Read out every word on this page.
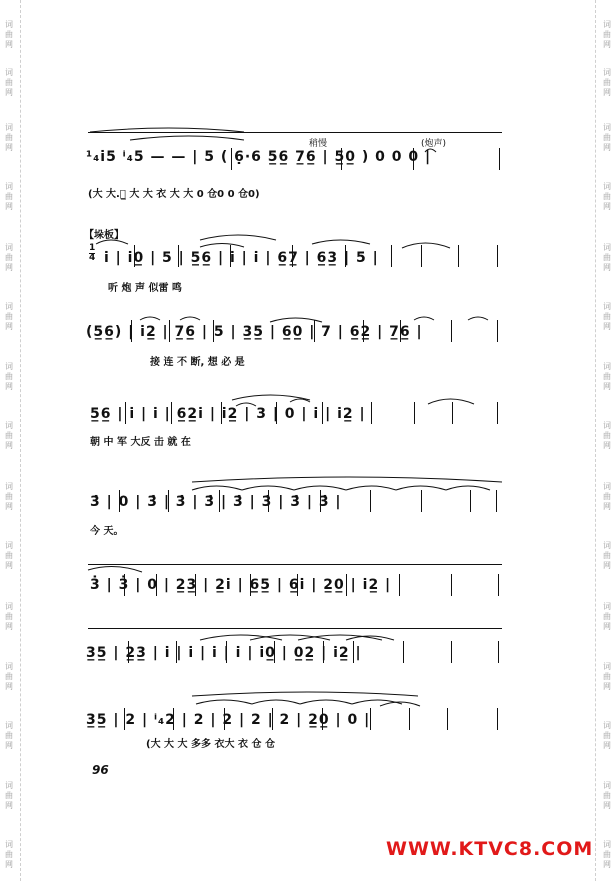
词
曲
网
词
曲
网
词
曲
网
词
曲
网
词
曲
网
词
曲
网
词
曲
网
词
曲
网
词
曲
网
词
曲
网
词
曲
网
词
曲
网
词
曲
网
词
曲
网
词
曲
网
词
曲
网
词
曲
网
词
曲
网
词
曲
网
词
曲
网
词
曲
网
词
曲
网
词
曲
网
词
曲
网
词
曲
网
词
曲
网
词
曲
网
词
曲
网
词
曲
网
词
曲
网
稍慢	(炮声)
【垛板】
$\frac{1}{4}$
¹₄i̇5 ⁱ₄5 — — | 5 ( 6̣·6 5̲6̲ 7̲6̲ | 5̲0̲ ) 0 0 0 |
(大 大.大̲ 大 大 衣 大 大 0 仓0 0 仓0)
i̇ | i̇0̲ | 5 | 5̲6̲ | i̇ | i̇ | 6̲7̲ | 6̲3̲ | 5 |
听 炮 声 似雷 鸣
(5̲6̲) | i̇2̲ | 7̲6̲ | 5 | 3̲5̲ | 6̲0̲ | 7 | 6̲2̲ | 7̲6̲ |
接 连 不 断, 想 必 是
5̲6̲ | i̇ | i̇ | 6̲2̲i̇ | i̇2̲ | 3 | 0 | i̇ | i̇2̲ |
朝 中 军 大反 击 就 在
3̇ | 0 | 3̇ | 3̇ | 3̇ | 3̇ | 3̇ | 3̇ | 3̇ |
今 天。
3̇ | 3̇ | 0 | 2̲3̲ | 2̲i̇ | 6̲5̲ | 6̲i̇ | 2̲0̲ | i̇2̲ |
3̲5̲ | 2̲3̲ | i̇ | i̇ | i̇ | i̇ | i̇0̲ | 0̲2̲ | i̇2̲ |
3̲5̲ | 2 | ⁱ₄2 | 2 | 2 | 2 | 2 | 2̲0̲ | 0 |
(大 大 大 多多 衣大 衣 仓 仓
96
WWW.KTVC8.COM
